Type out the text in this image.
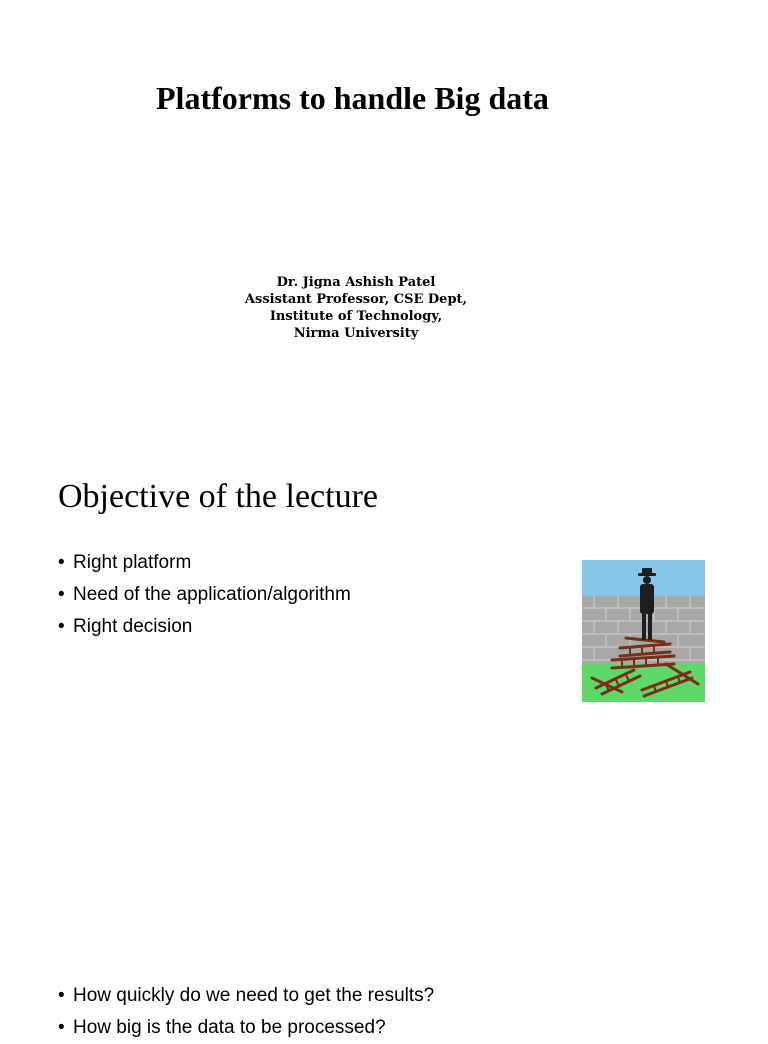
Platforms to handle Big data
Dr. Jigna Ashish Patel
Assistant Professor, CSE Dept,
Institute of Technology,
Nirma University
Objective of the lecture
• Right platform
• Need of the application/algorithm
• Right decision
• How quickly do we need to get the results?
• How big is the data to be processed?
